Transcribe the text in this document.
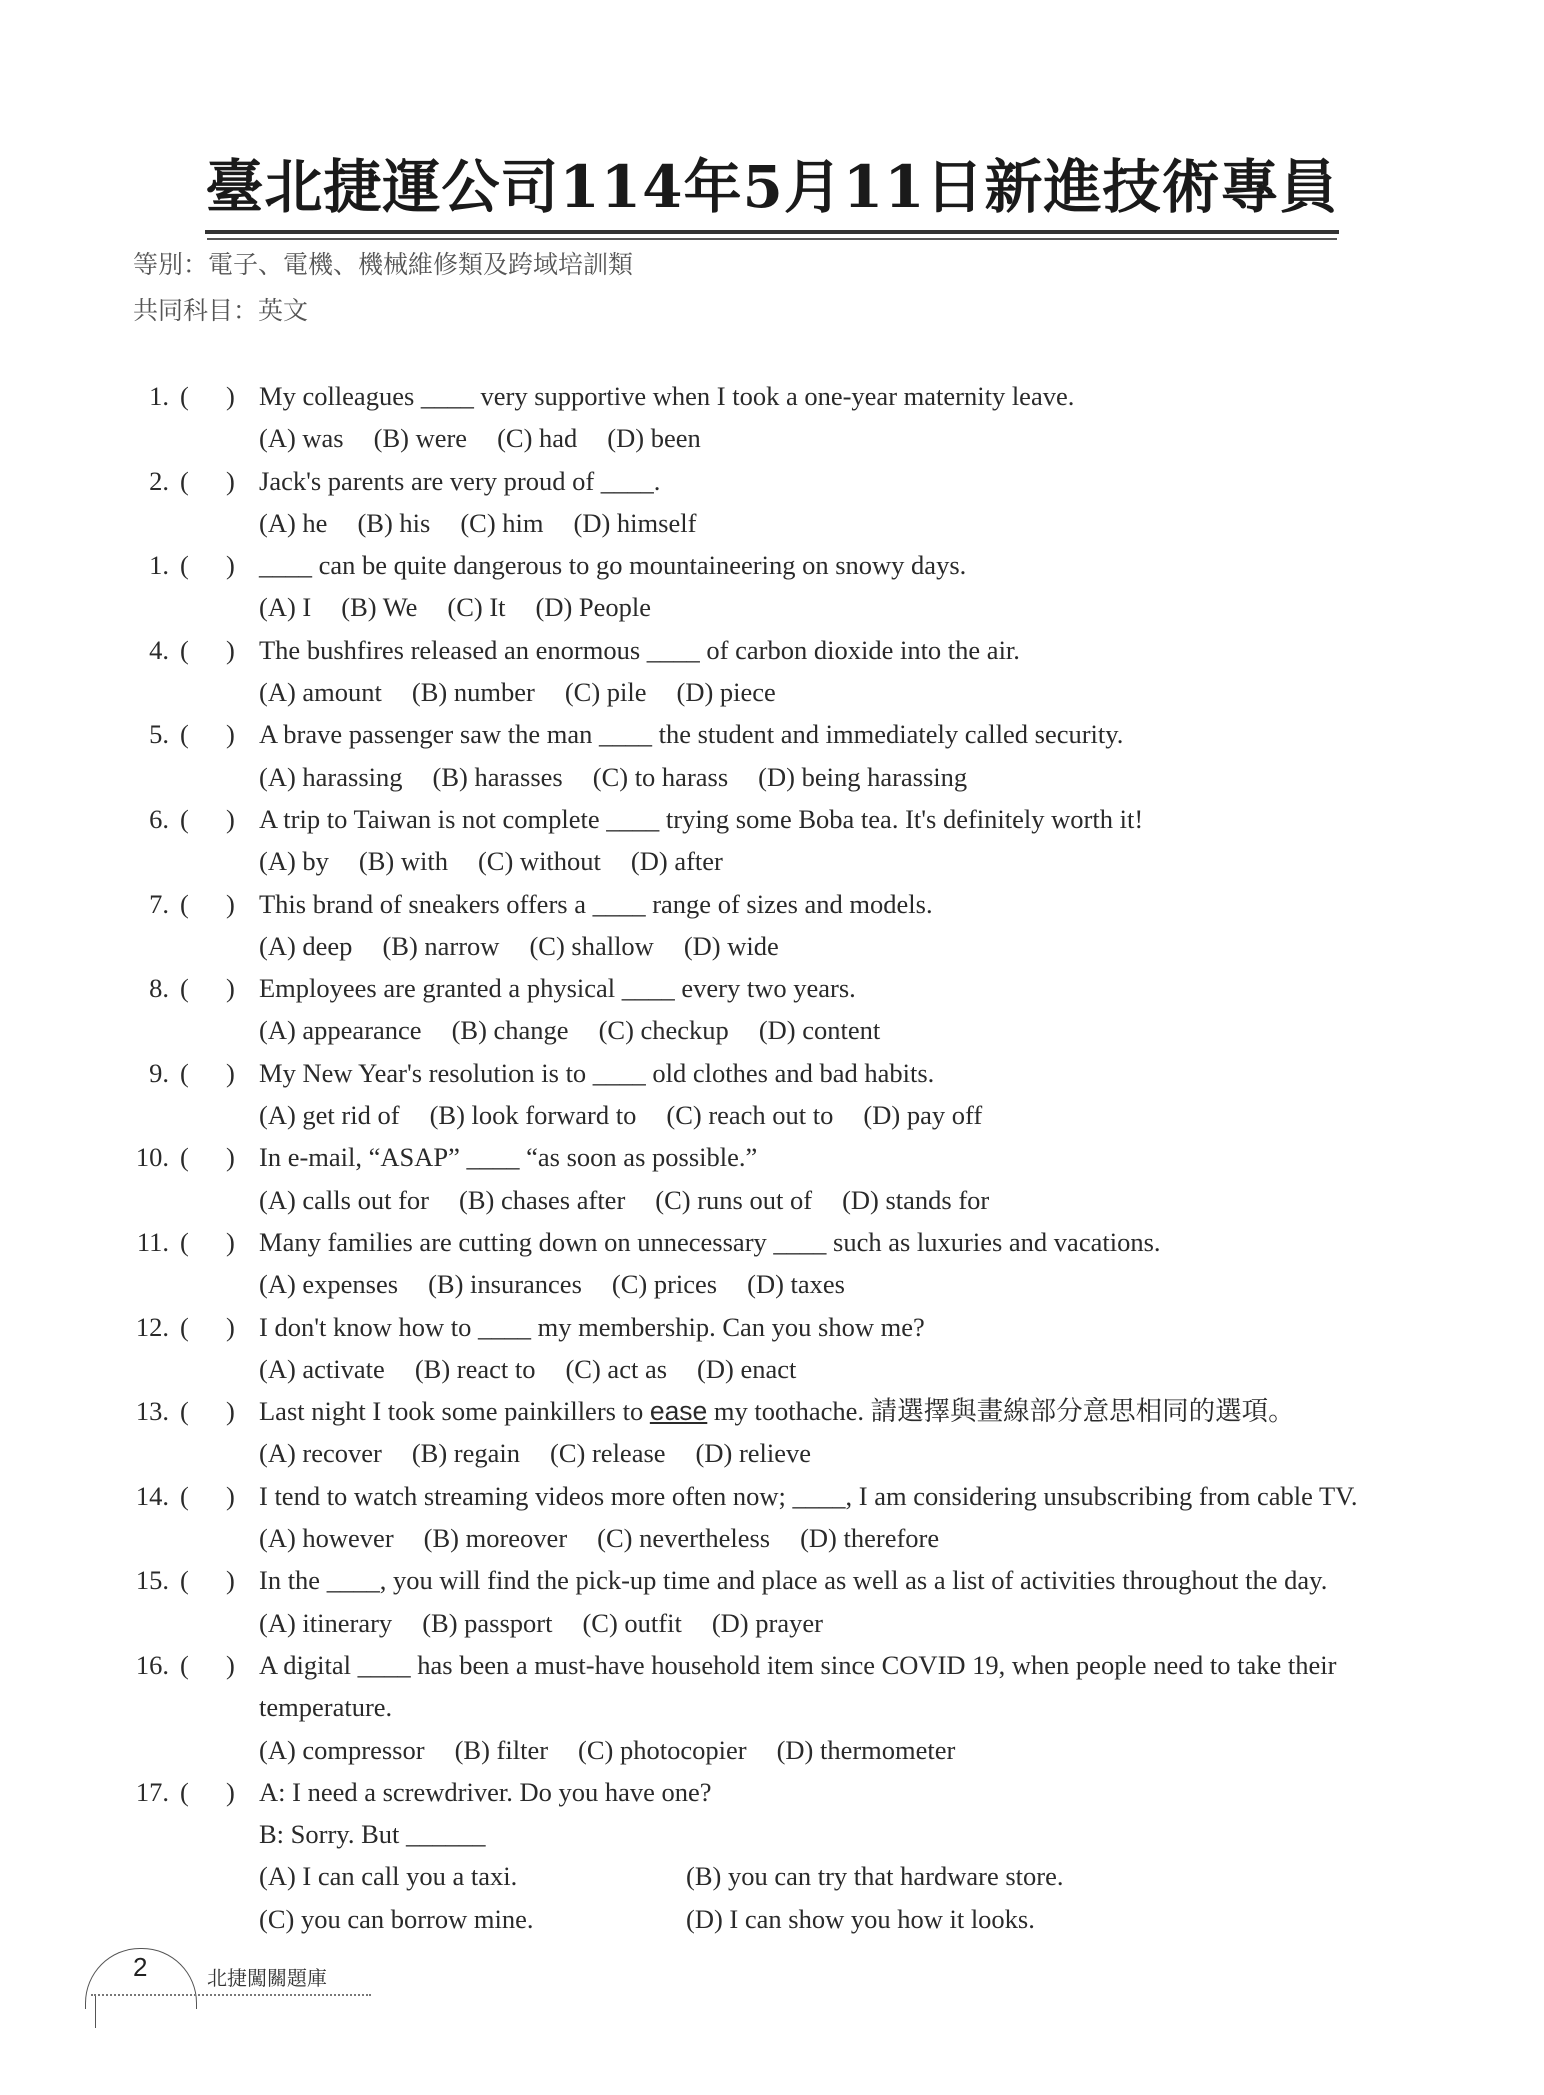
臺北捷運公司114年5月11日新進技術專員
等別：電子、電機、機械維修類及跨域培訓類
共同科目：英文
1. ( ) My colleagues ____ very supportive when I took a one-year maternity leave.
(A) was (B) were (C) had (D) been
2. ( ) Jack's parents are very proud of ____.
(A) he (B) his (C) him (D) himself
1. ( ) ____ can be quite dangerous to go mountaineering on snowy days.
(A) I (B) We (C) It (D) People
4. ( ) The bushfires released an enormous ____ of carbon dioxide into the air.
(A) amount (B) number (C) pile (D) piece
5. ( ) A brave passenger saw the man ____ the student and immediately called security.
(A) harassing (B) harasses (C) to harass (D) being harassing
6. ( ) A trip to Taiwan is not complete ____ trying some Boba tea. It's definitely worth it!
(A) by (B) with (C) without (D) after
7. ( ) This brand of sneakers offers a ____ range of sizes and models.
(A) deep (B) narrow (C) shallow (D) wide
8. ( ) Employees are granted a physical ____ every two years.
(A) appearance (B) change (C) checkup (D) content
9. ( ) My New Year's resolution is to ____ old clothes and bad habits.
(A) get rid of (B) look forward to (C) reach out to (D) pay off
10. ( ) In e-mail, “ASAP” ____ “as soon as possible.”
(A) calls out for (B) chases after (C) runs out of (D) stands for
11. ( ) Many families are cutting down on unnecessary ____ such as luxuries and vacations.
(A) expenses (B) insurances (C) prices (D) taxes
12. ( ) I don't know how to ____ my membership. Can you show me?
(A) activate (B) react to (C) act as (D) enact
13. ( ) Last night I took some painkillers to ease my toothache. 請選擇與畫線部分意思相同的選項。
(A) recover (B) regain (C) release (D) relieve
14. ( ) I tend to watch streaming videos more often now; ____, I am considering unsubscribing from cable TV.
(A) however (B) moreover (C) nevertheless (D) therefore
15. ( ) In the ____, you will find the pick-up time and place as well as a list of activities throughout the day.
(A) itinerary (B) passport (C) outfit (D) prayer
16. ( ) A digital ____ has been a must-have household item since COVID 19, when people need to take their
temperature.
(A) compressor (B) filter (C) photocopier (D) thermometer
17. ( ) A: I need a screwdriver. Do you have one?
B: Sorry. But ______
(A) I can call you a taxi.	(B) you can try that hardware store.
(C) you can borrow mine.	(D) I can show you how it looks.
2	北捷闖關題庫
